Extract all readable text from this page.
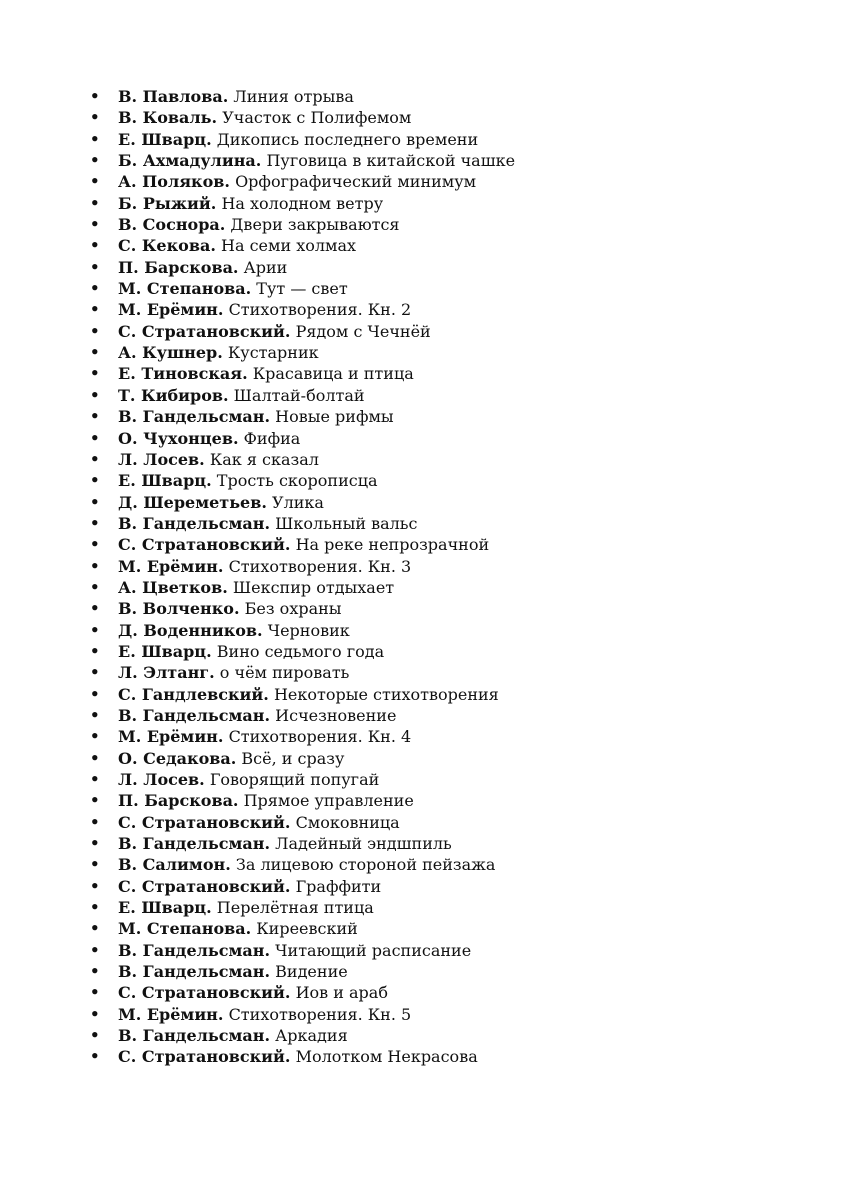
• В. Павлова. Линия отрыва
• В. Коваль. Участок с Полифемом
• Е. Шварц. Дикопись последнего времени
• Б. Ахмадулина. Пуговица в китайской чашке
• А. Поляков. Орфографический минимум
• Б. Рыжий. На холодном ветру
• В. Соснора. Двери закрываются
• С. Кекова. На семи холмах
• П. Барскова. Арии
• М. Степанова. Тут — свет
• М. Ерёмин. Стихотворения. Кн. 2
• С. Стратановский. Рядом с Чечнёй
• А. Кушнер. Кустарник
• Е. Тиновская. Красавица и птица
• Т. Кибиров. Шалтай-болтай
• В. Гандельсман. Новые рифмы
• О. Чухонцев. Фифиа
• Л. Лосев. Как я сказал
• Е. Шварц. Трость скорописца
• Д. Шереметьев. Улика
• В. Гандельсман. Школьный вальс
• С. Стратановский. На реке непрозрачной
• М. Ерёмин. Стихотворения. Кн. 3
• А. Цветков. Шекспир отдыхает
• В. Волченко. Без охраны
• Д. Воденников. Черновик
• Е. Шварц. Вино седьмого года
• Л. Элтанг. о чём пировать
• С. Гандлевский. Некоторые стихотворения
• В. Гандельсман. Исчезновение
• М. Ерёмин. Стихотворения. Кн. 4
• О. Седакова. Всё, и сразу
• Л. Лосев. Говорящий попугай
• П. Барскова. Прямое управление
• С. Стратановский. Смоковница
• В. Гандельсман. Ладейный эндшпиль
• В. Салимон. За лицевою стороной пейзажа
• С. Стратановский. Граффити
• Е. Шварц. Перелётная птица
• М. Степанова. Киреевский
• В. Гандельсман. Читающий расписание
• В. Гандельсман. Видение
• С. Стратановский. Иов и араб
• М. Ерёмин. Стихотворения. Кн. 5
• В. Гандельсман. Аркадия
• С. Стратановский. Молотком Некрасова
